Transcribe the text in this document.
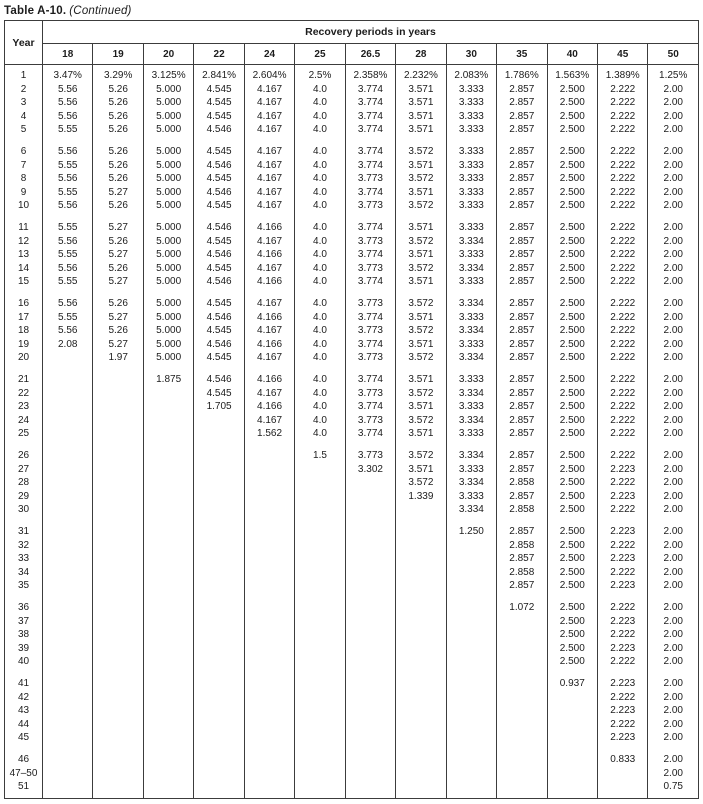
Table A-10. (Continued)
Year	Recovery periods in years												
	18	19	20	22	24	25	26.5	28	30	35	40	45	50

1	3.47%	3.29%	3.125%	2.841%	2.604%	2.5%	2.358%	2.232%	2.083%	1.786%	1.563%	1.389%	1.25%
2	5.56	5.26	5.000	4.545	4.167	4.0	3.774	3.571	3.333	2.857	2.500	2.222	2.00
3	5.56	5.26	5.000	4.545	4.167	4.0	3.774	3.571	3.333	2.857	2.500	2.222	2.00
4	5.56	5.26	5.000	4.545	4.167	4.0	3.774	3.571	3.333	2.857	2.500	2.222	2.00
5	5.55	5.26	5.000	4.546	4.167	4.0	3.774	3.571	3.333	2.857	2.500	2.222	2.00

6	5.56	5.26	5.000	4.545	4.167	4.0	3.774	3.572	3.333	2.857	2.500	2.222	2.00
7	5.55	5.26	5.000	4.546	4.167	4.0	3.774	3.571	3.333	2.857	2.500	2.222	2.00
8	5.56	5.26	5.000	4.545	4.167	4.0	3.773	3.572	3.333	2.857	2.500	2.222	2.00
9	5.55	5.27	5.000	4.546	4.167	4.0	3.774	3.571	3.333	2.857	2.500	2.222	2.00
10	5.56	5.26	5.000	4.545	4.167	4.0	3.773	3.572	3.333	2.857	2.500	2.222	2.00

11	5.55	5.27	5.000	4.546	4.166	4.0	3.774	3.571	3.333	2.857	2.500	2.222	2.00
12	5.56	5.26	5.000	4.545	4.167	4.0	3.773	3.572	3.334	2.857	2.500	2.222	2.00
13	5.55	5.27	5.000	4.546	4.166	4.0	3.774	3.571	3.333	2.857	2.500	2.222	2.00
14	5.56	5.26	5.000	4.545	4.167	4.0	3.773	3.572	3.334	2.857	2.500	2.222	2.00
15	5.55	5.27	5.000	4.546	4.166	4.0	3.774	3.571	3.333	2.857	2.500	2.222	2.00

16	5.56	5.26	5.000	4.545	4.167	4.0	3.773	3.572	3.334	2.857	2.500	2.222	2.00
17	5.55	5.27	5.000	4.546	4.166	4.0	3.774	3.571	3.333	2.857	2.500	2.222	2.00
18	5.56	5.26	5.000	4.545	4.167	4.0	3.773	3.572	3.334	2.857	2.500	2.222	2.00
19	2.08	5.27	5.000	4.546	4.166	4.0	3.774	3.571	3.333	2.857	2.500	2.222	2.00
20		1.97	5.000	4.545	4.167	4.0	3.773	3.572	3.334	2.857	2.500	2.222	2.00

21			1.875	4.546	4.166	4.0	3.774	3.571	3.333	2.857	2.500	2.222	2.00
22				4.545	4.167	4.0	3.773	3.572	3.334	2.857	2.500	2.222	2.00
23				1.705	4.166	4.0	3.774	3.571	3.333	2.857	2.500	2.222	2.00
24					4.167	4.0	3.773	3.572	3.334	2.857	2.500	2.222	2.00
25					1.562	4.0	3.774	3.571	3.333	2.857	2.500	2.222	2.00

26						1.5	3.773	3.572	3.334	2.857	2.500	2.222	2.00
27							3.302	3.571	3.333	2.857	2.500	2.223	2.00
28								3.572	3.334	2.858	2.500	2.222	2.00
29								1.339	3.333	2.857	2.500	2.223	2.00
30									3.334	2.858	2.500	2.222	2.00

31									1.250	2.857	2.500	2.223	2.00
32										2.858	2.500	2.222	2.00
33										2.857	2.500	2.223	2.00
34										2.858	2.500	2.222	2.00
35										2.857	2.500	2.223	2.00

36										1.072	2.500	2.222	2.00
37											2.500	2.223	2.00
38											2.500	2.222	2.00
39											2.500	2.223	2.00
40											2.500	2.222	2.00

41											0.937	2.223	2.00
42												2.222	2.00
43												2.223	2.00
44												2.222	2.00
45												2.223	2.00

46												0.833	2.00
47–50													2.00
51													0.75
